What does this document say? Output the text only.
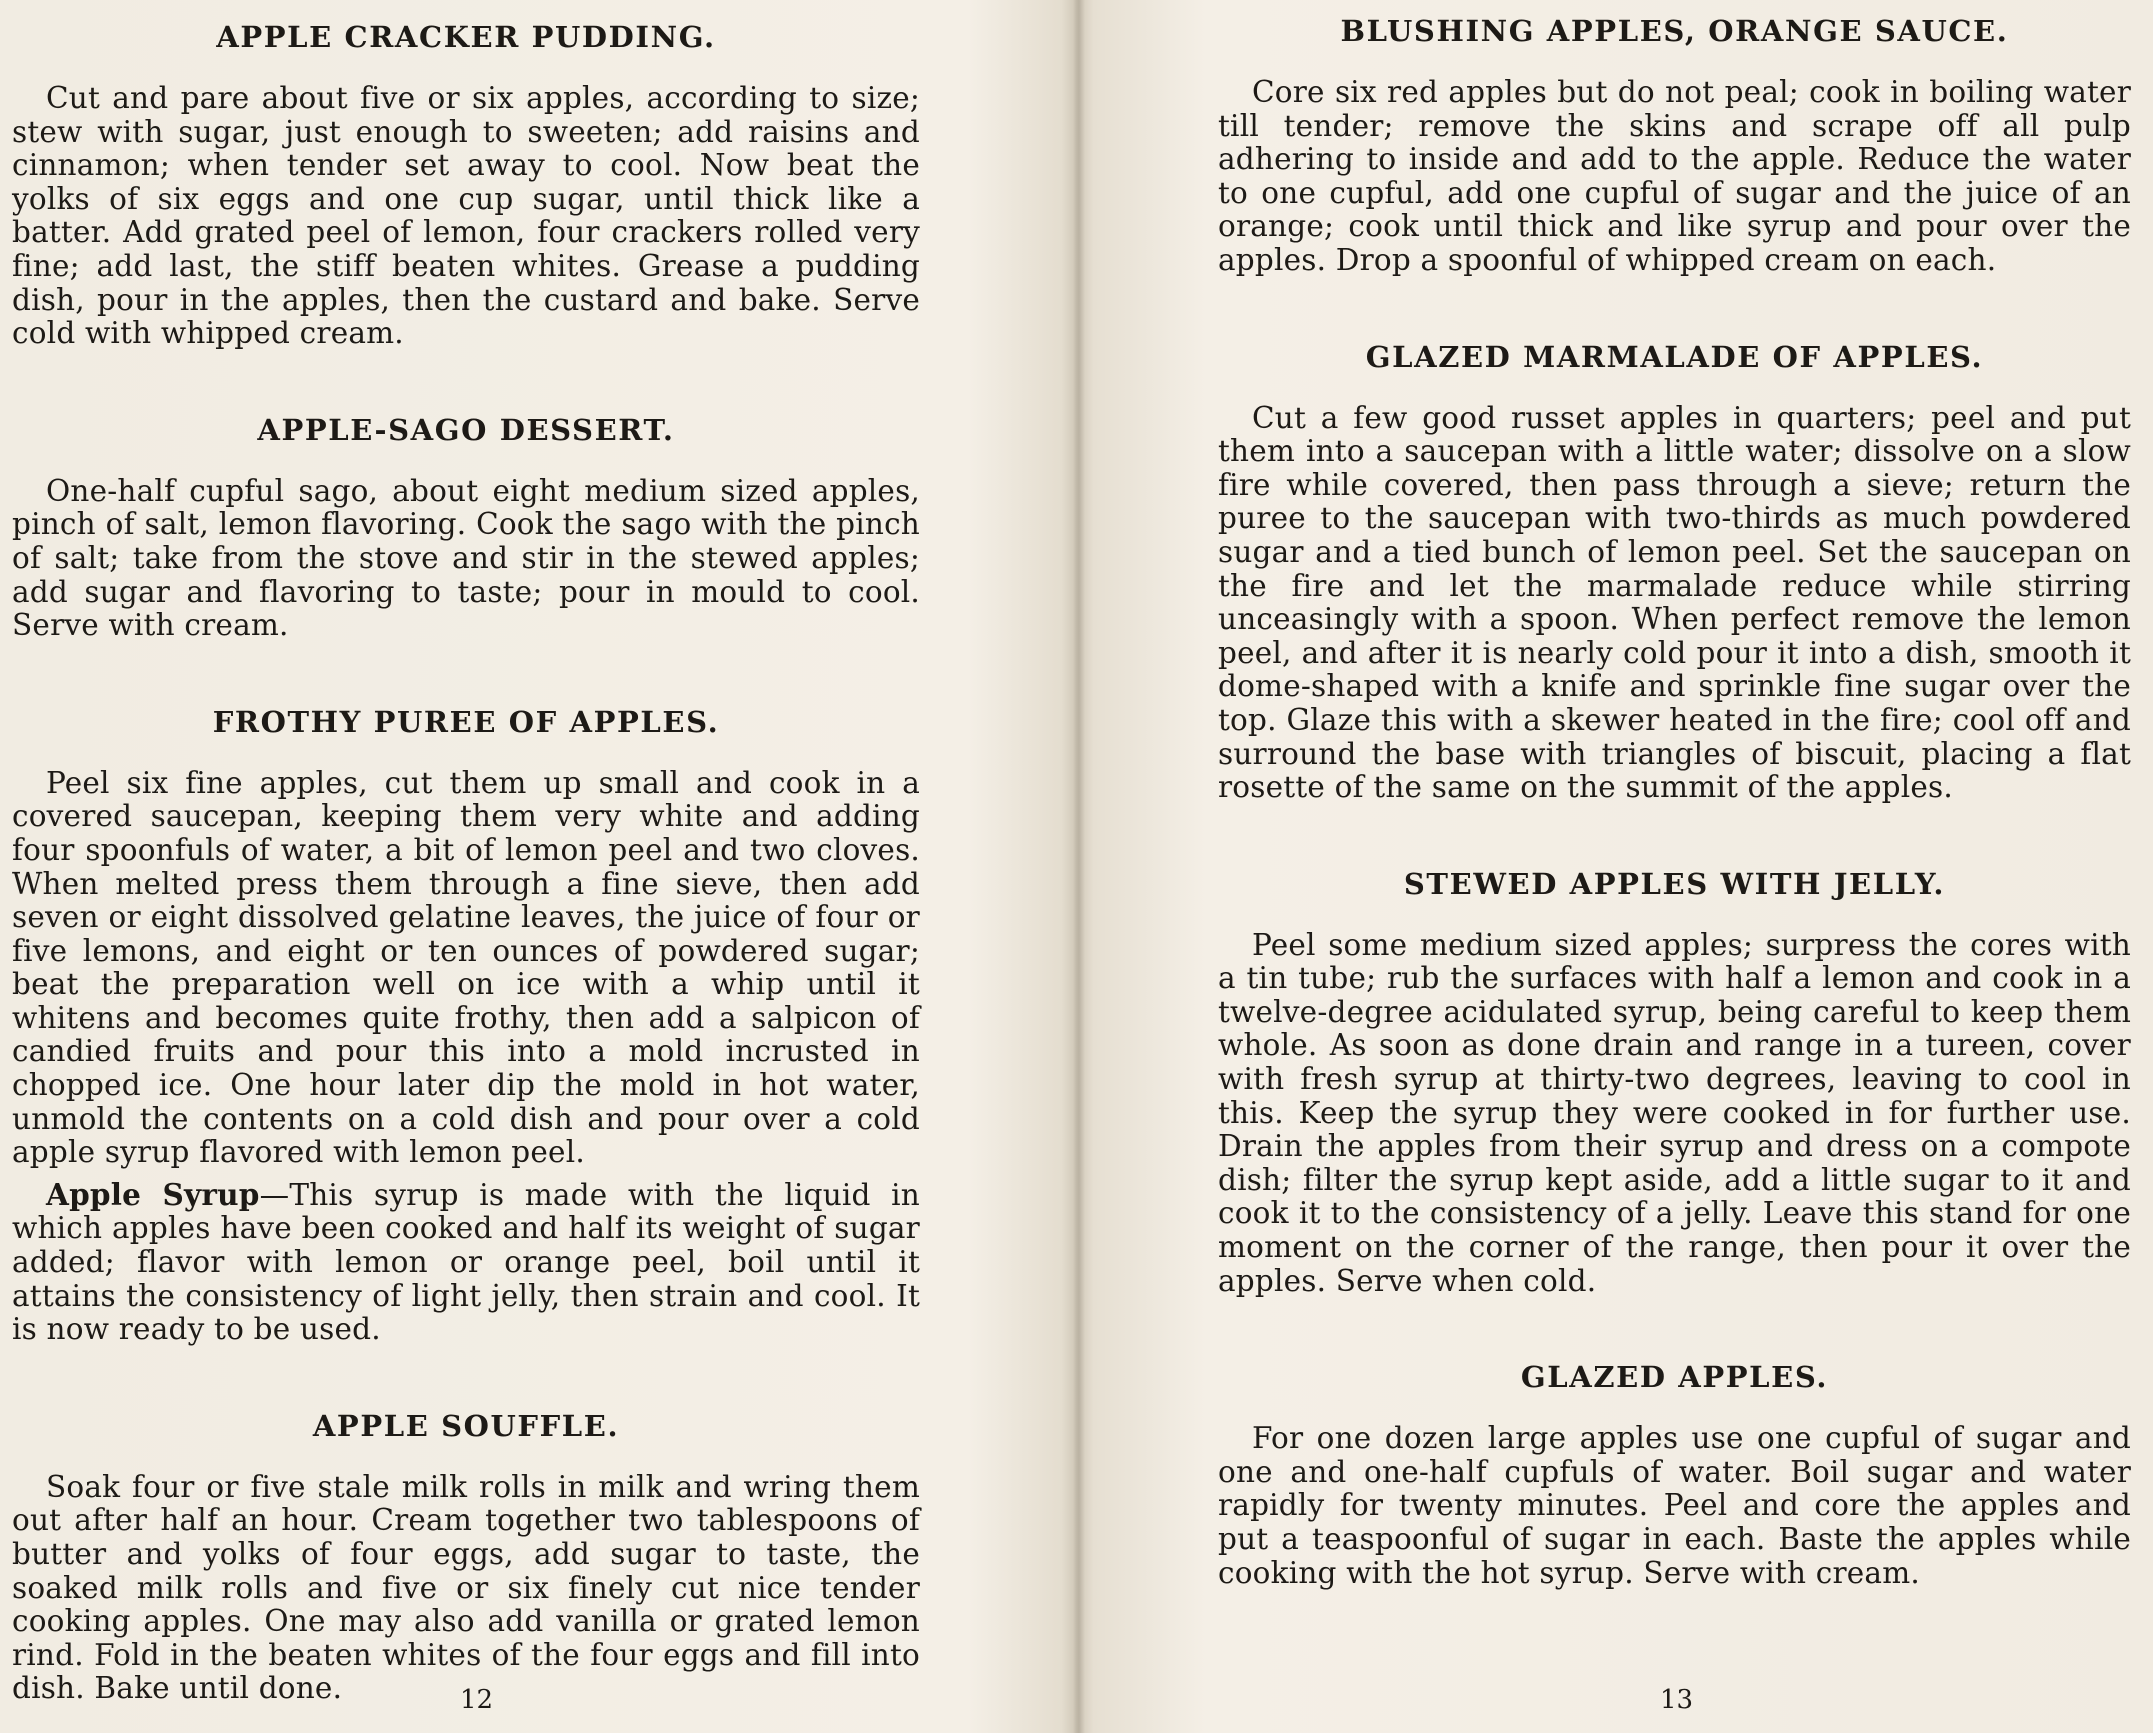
APPLE CRACKER PUDDING.

Cut and pare about five or six apples, according to size; stew with sugar, just enough to sweeten; add raisins and cinnamon; when tender set away to cool. Now beat the yolks of six eggs and one cup sugar, until thick like a batter. Add grated peel of lemon, four crackers rolled very fine; add last, the stiff beaten whites. Grease a pudding dish, pour in the apples, then the custard and bake. Serve cold with whipped cream.

APPLE-SAGO DESSERT.

One-half cupful sago, about eight medium sized apples, pinch of salt, lemon flavoring. Cook the sago with the pinch of salt; take from the stove and stir in the stewed apples; add sugar and flavoring to taste; pour in mould to cool. Serve with cream.

FROTHY PUREE OF APPLES.

Peel six fine apples, cut them up small and cook in a covered saucepan, keeping them very white and adding four spoonfuls of water, a bit of lemon peel and two cloves. When melted press them through a fine sieve, then add seven or eight dissolved gelatine leaves, the juice of four or five lemons, and eight or ten ounces of powdered sugar; beat the preparation well on ice with a whip until it whitens and becomes quite frothy, then add a salpicon of candied fruits and pour this into a mold incrusted in chopped ice. One hour later dip the mold in hot water, unmold the contents on a cold dish and pour over a cold apple syrup flavored with lemon peel.

Apple Syrup—This syrup is made with the liquid in which apples have been cooked and half its weight of sugar added; flavor with lemon or orange peel, boil until it attains the consistency of light jelly, then strain and cool. It is now ready to be used.

APPLE SOUFFLE.

Soak four or five stale milk rolls in milk and wring them out after half an hour. Cream together two tablespoons of butter and yolks of four eggs, add sugar to taste, the soaked milk rolls and five or six finely cut nice tender cooking apples. One may also add vanilla or grated lemon rind. Fold in the beaten whites of the four eggs and fill into dish. Bake until done.	12
BLUSHING APPLES, ORANGE SAUCE.

Core six red apples but do not peal; cook in boiling water till tender; remove the skins and scrape off all pulp adhering to inside and add to the apple. Reduce the water to one cupful, add one cupful of sugar and the juice of an orange; cook until thick and like syrup and pour over the apples. Drop a spoonful of whipped cream on each.

GLAZED MARMALADE OF APPLES.

Cut a few good russet apples in quarters; peel and put them into a saucepan with a little water; dissolve on a slow fire while covered, then pass through a sieve; return the puree to the saucepan with two-thirds as much powdered sugar and a tied bunch of lemon peel. Set the saucepan on the fire and let the marmalade reduce while stirring unceasingly with a spoon. When perfect remove the lemon peel, and after it is nearly cold pour it into a dish, smooth it dome-shaped with a knife and sprinkle fine sugar over the top. Glaze this with a skewer heated in the fire; cool off and surround the base with triangles of biscuit, placing a flat rosette of the same on the summit of the apples.

STEWED APPLES WITH JELLY.

Peel some medium sized apples; surpress the cores with a tin tube; rub the surfaces with half a lemon and cook in a twelve-degree acidulated syrup, being careful to keep them whole. As soon as done drain and range in a tureen, cover with fresh syrup at thirty-two degrees, leaving to cool in this. Keep the syrup they were cooked in for further use. Drain the apples from their syrup and dress on a compote dish; filter the syrup kept aside, add a little sugar to it and cook it to the consistency of a jelly. Leave this stand for one moment on the corner of the range, then pour it over the apples. Serve when cold.

GLAZED APPLES.

For one dozen large apples use one cupful of sugar and one and one-half cupfuls of water. Boil sugar and water rapidly for twenty minutes. Peel and core the apples and put a teaspoonful of sugar in each. Baste the apples while cooking with the hot syrup. Serve with cream.

13
